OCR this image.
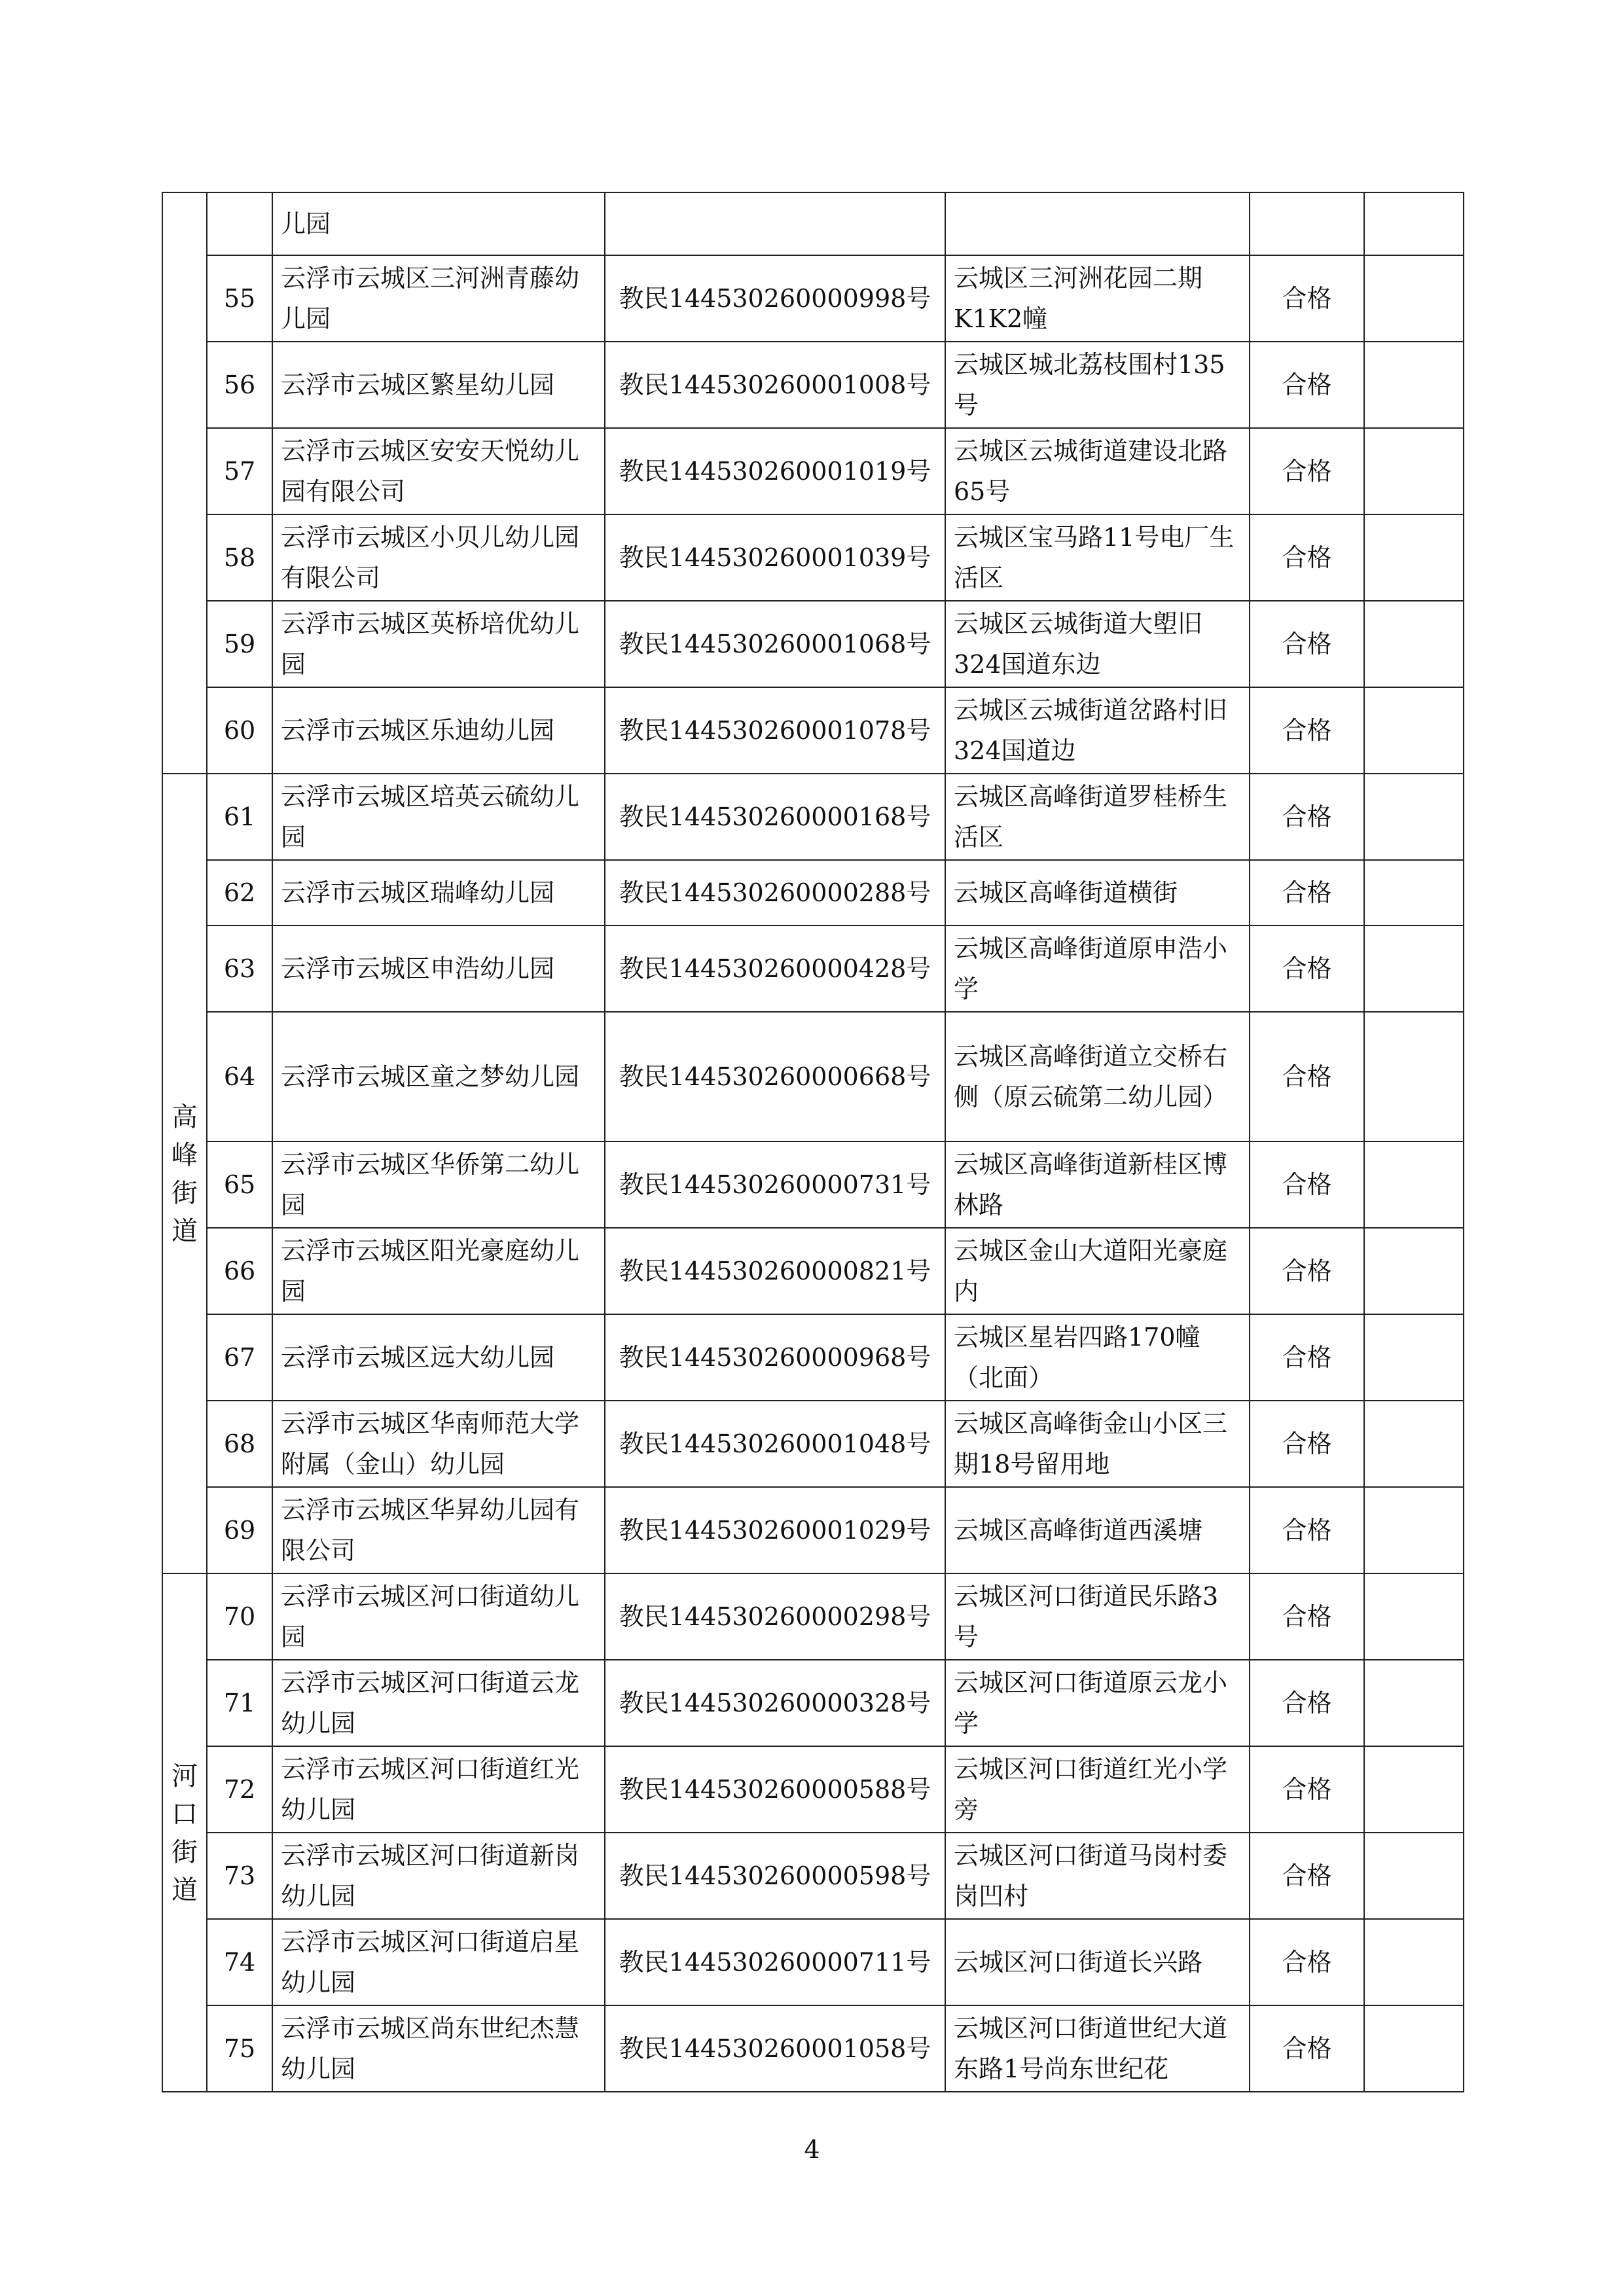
		儿园				
	55	云浮市云城区三河洲青藤幼儿园	教民144530260000998号	云城区三河洲花园二期K1K2幢	合格	
	56	云浮市云城区繁星幼儿园	教民144530260001008号	云城区城北荔枝围村135号	合格	
	57	云浮市云城区安安天悦幼儿园有限公司	教民144530260001019号	云城区云城街道建设北路65号	合格	
	58	云浮市云城区小贝儿幼儿园有限公司	教民144530260001039号	云城区宝马路11号电厂生活区	合格	
	59	云浮市云城区英桥培优幼儿园	教民144530260001068号	云城区云城街道大塱旧324国道东边	合格	
	60	云浮市云城区乐迪幼儿园	教民144530260001078号	云城区云城街道岔路村旧324国道边	合格	

高峰街道	61	云浮市云城区培英云硫幼儿园	教民144530260000168号	云城区高峰街道罗桂桥生活区	合格	
	62	云浮市云城区瑞峰幼儿园	教民144530260000288号	云城区高峰街道横街	合格	
	63	云浮市云城区申浩幼儿园	教民144530260000428号	云城区高峰街道原申浩小学	合格	
	64	云浮市云城区童之梦幼儿园	教民144530260000668号	云城区高峰街道立交桥右侧（原云硫第二幼儿园）	合格	
	65	云浮市云城区华侨第二幼儿园	教民144530260000731号	云城区高峰街道新桂区博林路	合格	
	66	云浮市云城区阳光豪庭幼儿园	教民144530260000821号	云城区金山大道阳光豪庭内	合格	
	67	云浮市云城区远大幼儿园	教民144530260000968号	云城区星岩四路170幢（北面）	合格	
	68	云浮市云城区华南师范大学附属（金山）幼儿园	教民144530260001048号	云城区高峰街金山小区三期18号留用地	合格	
	69	云浮市云城区华昇幼儿园有限公司	教民144530260001029号	云城区高峰街道西溪塘	合格	

河口街道	70	云浮市云城区河口街道幼儿园	教民144530260000298号	云城区河口街道民乐路3号	合格	
	71	云浮市云城区河口街道云龙幼儿园	教民144530260000328号	云城区河口街道原云龙小学	合格	
	72	云浮市云城区河口街道红光幼儿园	教民144530260000588号	云城区河口街道红光小学旁	合格	
	73	云浮市云城区河口街道新岗幼儿园	教民144530260000598号	云城区河口街道马岗村委岗凹村	合格	
	74	云浮市云城区河口街道启星幼儿园	教民144530260000711号	云城区河口街道长兴路	合格	
	75	云浮市云城区尚东世纪杰慧幼儿园	教民144530260001058号	云城区河口街道世纪大道东路1号尚东世纪花	合格	
4
